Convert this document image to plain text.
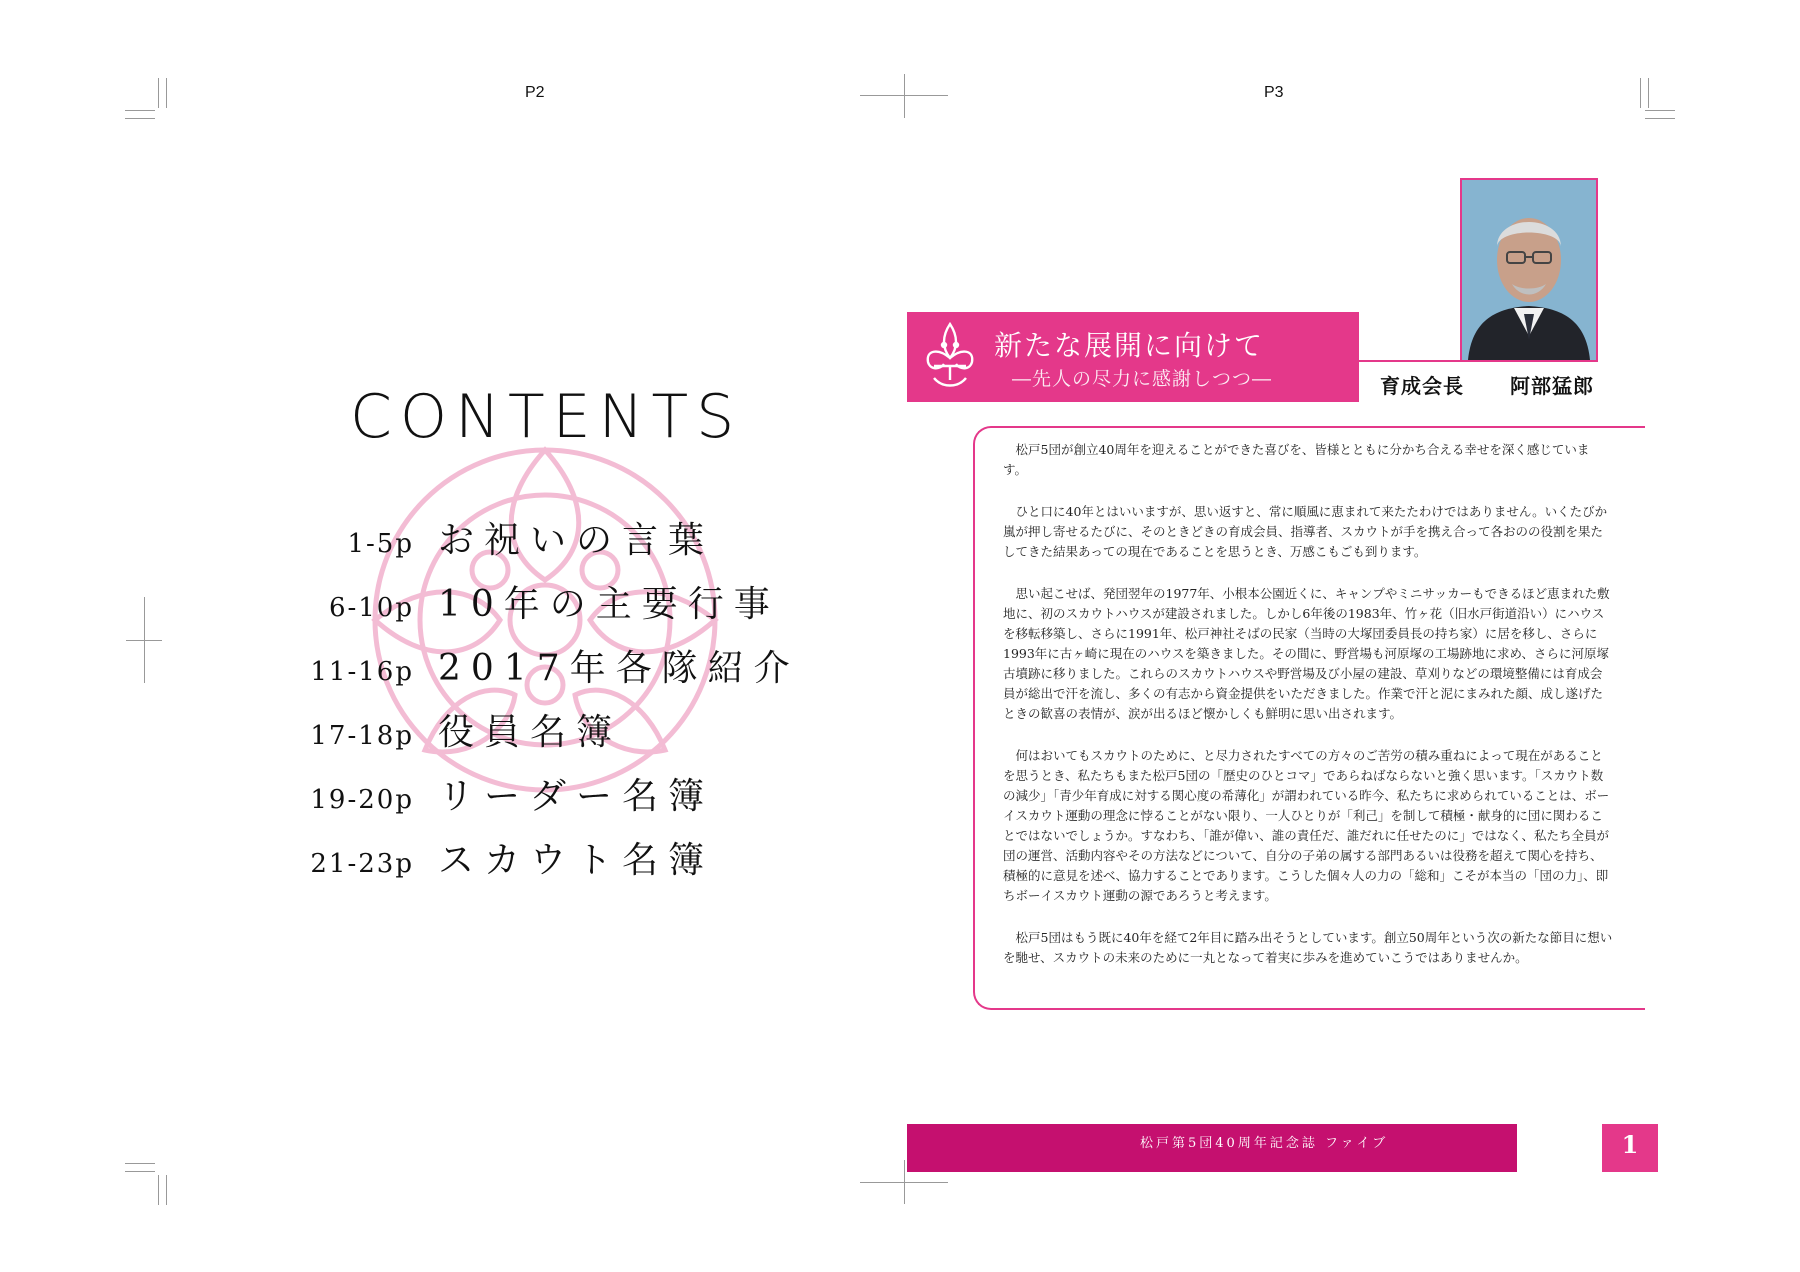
P2	P3
CONTENTS
1-5p お祝いの言葉
6-10p 10年の主要行事
11-16p 2017年各隊紹介
17-18p 役員名簿
19-20p リーダー名簿
21-23p スカウト名簿
新たな展開に向けて
―先人の尽力に感謝しつつ―	育成会長 阿部猛郎

松戸5団が創立40周年を迎えることができた喜びを、皆様とともに分かち合える幸せを深く感じています。

ひと口に40年とはいいますが、思い返すと、常に順風に恵まれて来たたわけではありません。いくたびか嵐が押し寄せるたびに、そのときどきの育成会員、指導者、スカウトが手を携え合って各おのの役割を果たしてきた結果あっての現在であることを思うとき、万感こもごも到ります。

思い起こせば、発団翌年の1977年、小根本公園近くに、キャンプやミニサッカーもできるほど恵まれた敷地に、初のスカウトハウスが建設されました。しかし6年後の1983年、竹ヶ花（旧水戸街道沿い）にハウスを移転移築し、さらに1991年、松戸神社そばの民家（当時の大塚団委員長の持ち家）に居を移し、さらに1993年に古ヶ崎に現在のハウスを築きました。その間に、野営場も河原塚の工場跡地に求め、さらに河原塚古墳跡に移りました。これらのスカウトハウスや野営場及び小屋の建設、草刈りなどの環境整備には育成会員が総出で汗を流し、多くの有志から資金提供をいただきました。作業で汗と泥にまみれた顔、成し遂げたときの歓喜の表情が、涙が出るほど懐かしくも鮮明に思い出されます。

何はおいてもスカウトのために、と尽力されたすべての方々のご苦労の積み重ねによって現在があることを思うとき、私たちもまた松戸5団の「歴史のひとコマ」であらねばならないと強く思います。「スカウト数の減少」「青少年育成に対する関心度の希薄化」が謂われている昨今、私たちに求められていることは、ボーイスカウト運動の理念に悖ることがない限り、一人ひとりが「利己」を制して積極・献身的に団に関わることではないでしょうか。すなわち、「誰が偉い、誰の責任だ、誰だれに任せたのに」ではなく、私たち全員が団の運営、活動内容やその方法などについて、自分の子弟の属する部門あるいは役務を超えて関心を持ち、積極的に意見を述べ、協力することであります。こうした個々人の力の「総和」こそが本当の「団の力」、即ちボーイスカウト運動の源であろうと考えます。

松戸5団はもう既に40年を経て2年目に踏み出そうとしています。創立50周年という次の新たな節目に想いを馳せ、スカウトの未来のために一丸となって着実に歩みを進めていこうではありませんか。

松戸第5団40周年記念誌 ファイブ	1
